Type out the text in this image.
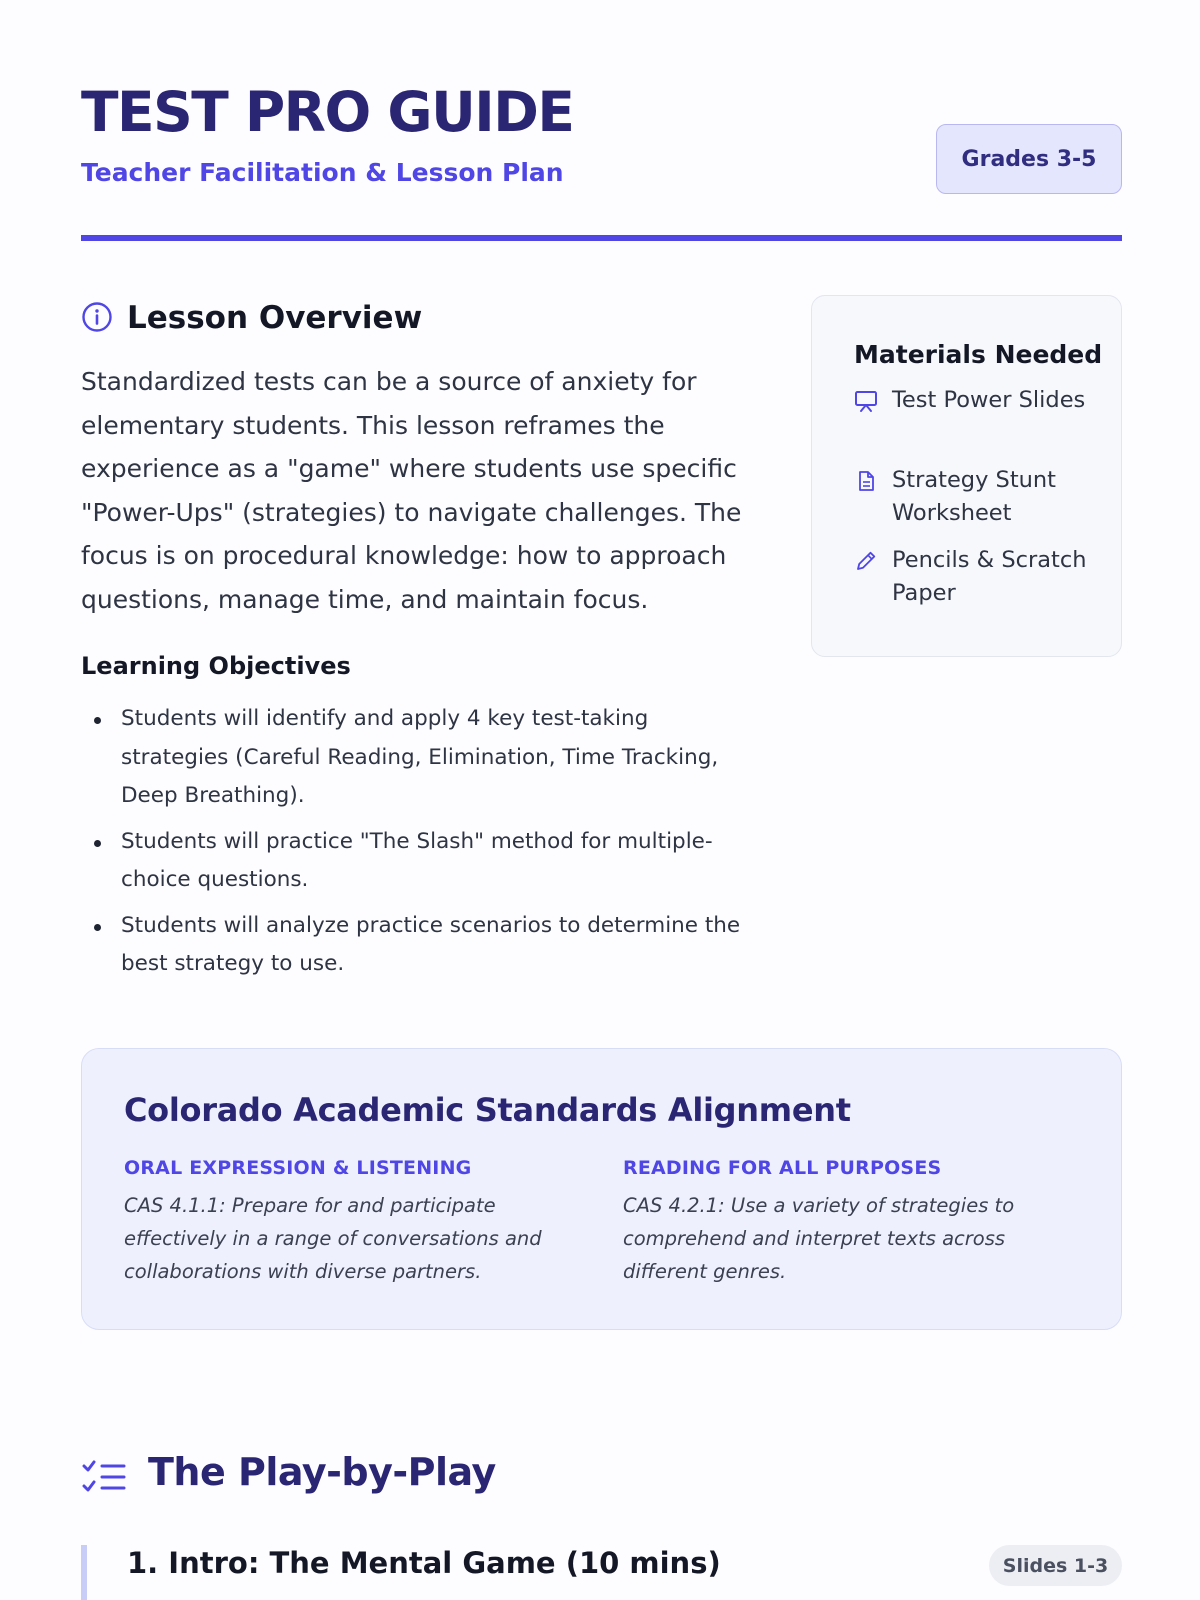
TEST PRO GUIDE
Teacher Facilitation & Lesson Plan	Grades 3-5
Lesson Overview

Standardized tests can be a source of anxiety for elementary students. This lesson reframes the experience as a "game" where students use specific "Power-Ups" (strategies) to navigate challenges. The focus is on procedural knowledge: how to approach questions, manage time, and maintain focus.

Learning Objectives
Students will identify and apply 4 key test-taking strategies (Careful Reading, Elimination, Time Tracking, Deep Breathing).
Students will practice "The Slash" method for multiple-choice questions.
Students will analyze practice scenarios to determine the best strategy to use.
Materials Needed
Test Power Slides
Strategy Stunt Worksheet
Pencils & Scratch Paper
Colorado Academic Standards Alignment
ORAL EXPRESSION & LISTENING
CAS 4.1.1: Prepare for and participate effectively in a range of conversations and collaborations with diverse partners.
READING FOR ALL PURPOSES
CAS 4.2.1: Use a variety of strategies to comprehend and interpret texts across different genres.
The Play-by-Play
1. Intro: The Mental Game (10 mins)	Slides 1-3
